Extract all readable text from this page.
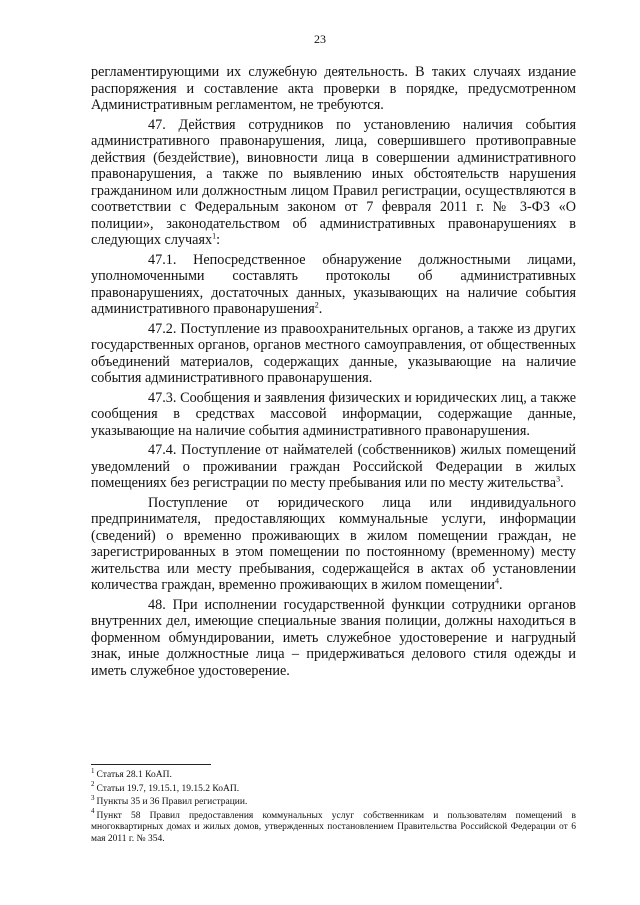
23

регламентирующими их служебную деятельность. В таких случаях издание распоряжения и составление акта проверки в порядке, предусмотренном Административным регламентом, не требуются.

47. Действия сотрудников по установлению наличия события административного правонарушения, лица, совершившего противоправные действия (бездействие), виновности лица в совершении административного правонарушения, а также по выявлению иных обстоятельств нарушения гражданином или должностным лицом Правил регистрации, осуществляются в соответствии с Федеральным законом от 7 февраля 2011 г. № 3-ФЗ «О полиции», законодательством об административных правонарушениях в следующих случаях$^1$:

47.1. Непосредственное обнаружение должностными лицами, уполномоченными составлять протоколы об административных правонарушениях, достаточных данных, указывающих на наличие события административного правонарушения$^2$.

47.2. Поступление из правоохранительных органов, а также из других государственных органов, органов местного самоуправления, от общественных объединений материалов, содержащих данные, указывающие на наличие события административного правонарушения.

47.3. Сообщения и заявления физических и юридических лиц, а также сообщения в средствах массовой информации, содержащие данные, указывающие на наличие события административного правонарушения.

47.4. Поступление от наймателей (собственников) жилых помещений уведомлений о проживании граждан Российской Федерации в жилых помещениях без регистрации по месту пребывания или по месту жительства$^3$.

Поступление от юридического лица или индивидуального предпринимателя, предоставляющих коммунальные услуги, информации (сведений) о временно проживающих в жилом помещении граждан, не зарегистрированных в этом помещении по постоянному (временному) месту жительства или месту пребывания, содержащейся в актах об установлении количества граждан, временно проживающих в жилом помещении$^4$.

48. При исполнении государственной функции сотрудники органов внутренних дел, имеющие специальные звания полиции, должны находиться в форменном обмундировании, иметь служебное удостоверение и нагрудный знак, иные должностные лица – придерживаться делового стиля одежды и иметь служебное удостоверение.

$^1$ Статья 28.1 КоАП.
$^2$ Статьи 19.7, 19.15.1, 19.15.2 КоАП.
$^3$ Пункты 35 и 36 Правил регистрации.
$^4$ Пункт 58 Правил предоставления коммунальных услуг собственникам и пользователям помещений в многоквартирных домах и жилых домов, утвержденных постановлением Правительства Российской Федерации от 6 мая 2011 г. № 354.
